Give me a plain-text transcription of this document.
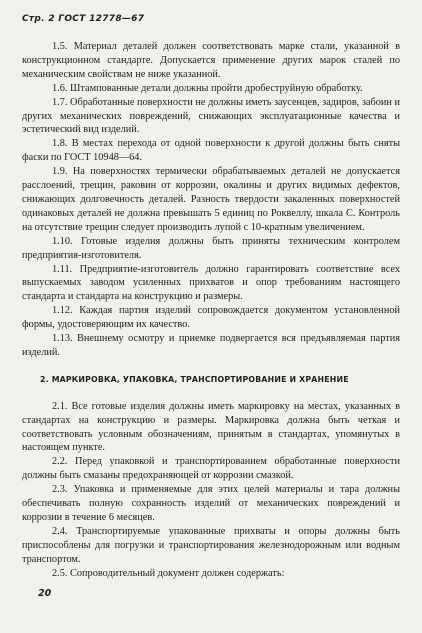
Стр. 2 ГОСТ 12778—67

1.5. Материал деталей должен соответствовать марке стали, указанной в конструкционном стандарте. Допускается применение других марок сталей по механическим свойствам не ниже указанной.

1.6. Штампованные детали должны пройти дробеструйную обработку.

1.7. Обработанные поверхности не должны иметь заусенцев, задиров, забоин и других механических повреждений, снижающих эксплуатационные качества и эстетический вид изделий.

1.8. В местах перехода от одной поверхности к другой должны быть сняты фаски по ГОСТ 10948—64.

1.9. На поверхностях термически обрабатываемых деталей не допускается расслоений, трещин, раковин от коррозии, окалины и других видимых дефектов, снижающих долговечность деталей. Разность твердости закаленных поверхностей одинаковых деталей не должна превышать 5 единиц по Роквеллу, шкала С. Контроль на отсутствие трещин следует производить лупой с 10-кратным увеличением.

1.10. Готовые изделия должны быть приняты техническим контролем предприятия-изготовителя.

1.11. Предприятие-изготовитель должно гарантировать соответствие всех выпускаемых заводом усиленных прихватов и опор требованиям настоящего стандарта и стандарта на конструкцию и размеры.

1.12. Каждая партия изделий сопровождается документом установленной формы, удостоверяющим их качество.

1.13. Внешнему осмотру и приемке подвергается вся предъявляемая партия изделий.

2. МАРКИРОВКА, УПАКОВКА, ТРАНСПОРТИРОВАНИЕ И ХРАНЕНИЕ

2.1. Все готовые изделия должны иметь маркировку на местах, указанных в стандартах на конструкцию и размеры. Маркировка должна быть четкая и соответствовать условным обозначениям, принятым в стандартах, упомянутых в настоящем пункте.

2.2. Перед упаковкой и транспортированием обработанные поверхности должны быть смазаны предохраняющей от коррозии смазкой.

2.3. Упаковка и применяемые для этих целей материалы и тара должны обеспечивать полную сохранность изделий от механических повреждений и коррозии в течение 6 месяцев.

2.4. Транспортируемые упакованные прихваты и опоры должны быть приспособлены для погрузки и транспортирования железнодорожным или водным транспортом.

2.5. Сопроводительный документ должен содержать:

20
